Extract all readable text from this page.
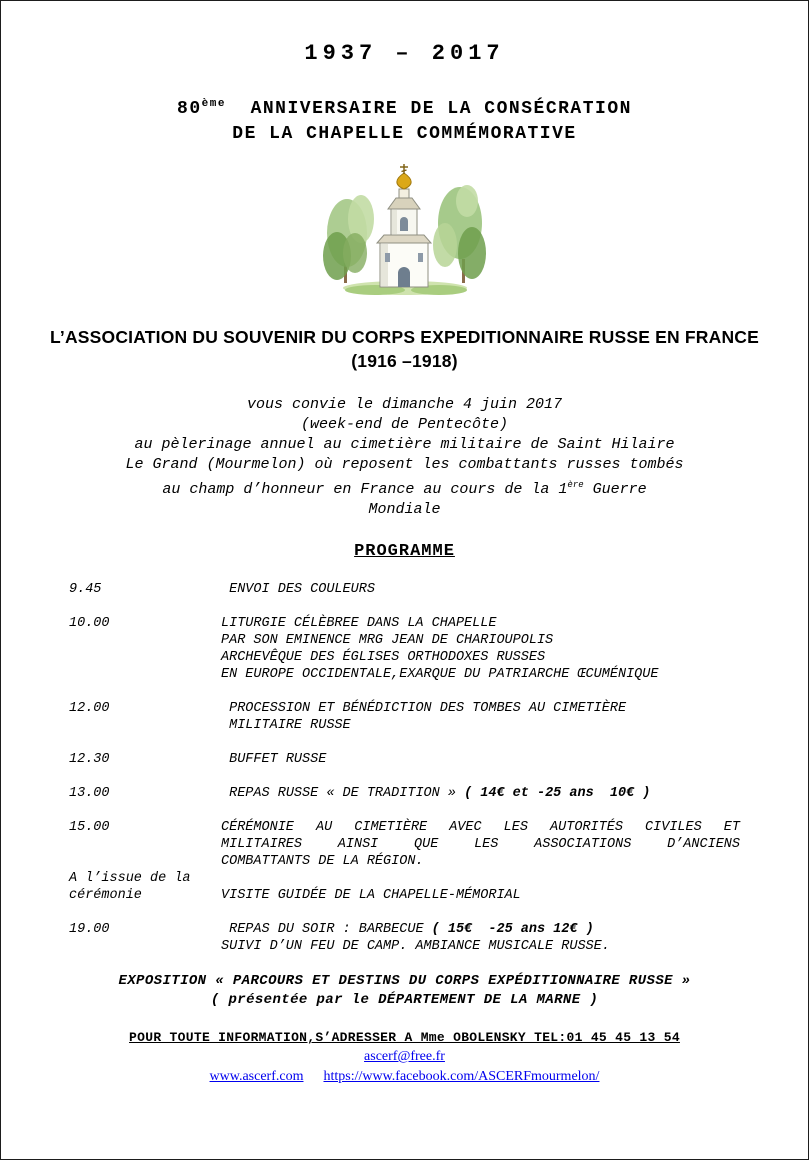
1937 – 2017
80ème  ANNIVERSAIRE DE LA CONSÉCRATION
DE LA CHAPELLE COMMÉMORATIVE
L’ASSOCIATION DU SOUVENIR DU CORPS EXPEDITIONNAIRE RUSSE EN FRANCE
(1916 –1918)
vous convie le dimanche 4 juin 2017
(week-end de Pentecôte)
au pèlerinage annuel au cimetière militaire de Saint Hilaire
Le Grand (Mourmelon) où reposent les combattants russes tombés
au champ d’honneur en France au cours de la 1ère Guerre
Mondiale
PROGRAMME
9.45	ENVOI DES COULEURS
10.00	LITURGIE CÉLÈBREE DANS LA CHAPELLE
PAR SON EMINENCE MRG JEAN DE CHARIOUPOLIS
ARCHEVÊQUE DES ÉGLISES ORTHODOXES RUSSES
EN EUROPE OCCIDENTALE,EXARQUE DU PATRIARCHE ŒCUMÉNIQUE
12.00	PROCESSION ET BÉNÉDICTION DES TOMBES AU CIMETIÈRE
MILITAIRE RUSSE
12.30	BUFFET RUSSE
13.00	REPAS RUSSE « DE TRADITION » ( 14€ et -25 ans  10€ )
15.00	CÉRÉMONIE AU CIMETIÈRE AVEC LES AUTORITÉS CIVILES ET
MILITAIRES AINSI QUE LES ASSOCIATIONS D’ANCIENS
COMBATTANTS DE LA RÉGION.
A l’issue de la
cérémonie	VISITE GUIDÉE DE LA CHAPELLE-MÉMORIAL
19.00	REPAS DU SOIR : BARBECUE ( 15€  -25 ans 12€ )
SUIVI D’UN FEU DE CAMP. AMBIANCE MUSICALE RUSSE.
EXPOSITION « PARCOURS ET DESTINS DU CORPS EXPÉDITIONNAIRE RUSSE »
( présentée par le DÉPARTEMENT DE LA MARNE )
POUR TOUTE INFORMATION,S’ADRESSER A Mme OBOLENSKY TEL:01 45 45 13 54
ascerf@free.fr
www.ascerf.com https://www.facebook.com/ASCERFmourmelon/
